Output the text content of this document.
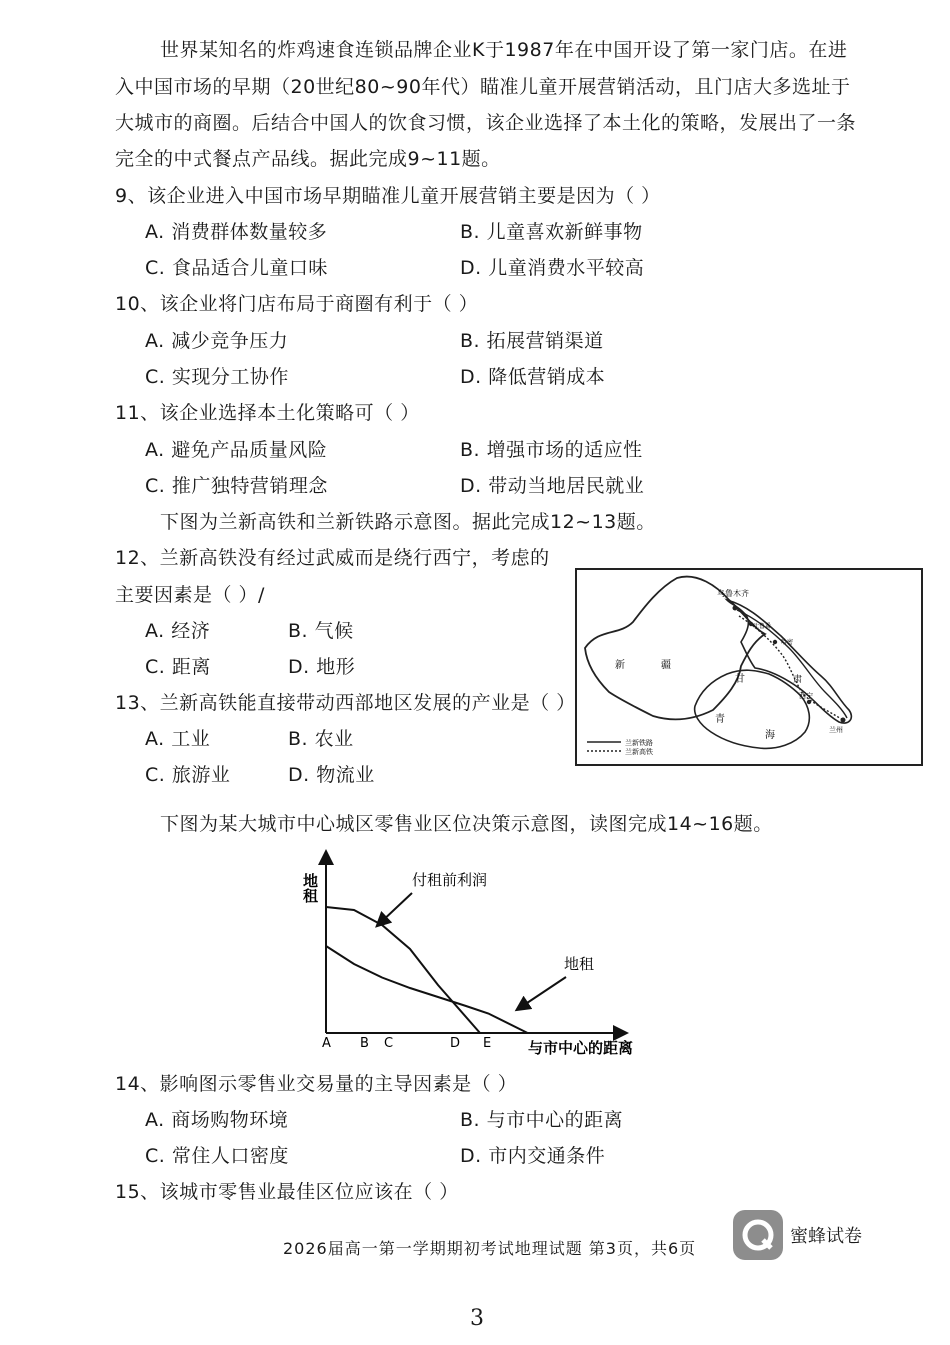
世界某知名的炸鸡速食连锁品牌企业K于1987年在中国开设了第一家门店。在进
入中国市场的早期（20世纪80~90年代）瞄准儿童开展营销活动，且门店大多选址于
大城市的商圈。后结合中国人的饮食习惯，该企业选择了本土化的策略，发展出了一条
完全的中式餐点产品线。据此完成9~11题。
9、该企业进入中国市场早期瞄准儿童开展营销主要是因为（ ）
A. 消费群体数量较多	B. 儿童喜欢新鲜事物
C. 食品适合儿童口味	D. 儿童消费水平较高
10、该企业将门店布局于商圈有利于（ ）
A. 减少竞争压力	B. 拓展营销渠道
C. 实现分工协作	D. 降低营销成本
11、该企业选择本土化策略可（ ）
A. 避免产品质量风险	B. 增强市场的适应性
C. 推广独特营销理念	D. 带动当地居民就业
下图为兰新高铁和兰新铁路示意图。据此完成12~13题。
12、兰新高铁没有经过武威而是绕行西宁，考虑的
主要因素是（ ）/
A. 经济	B. 气候
C. 距离	D. 地形
13、兰新高铁能直接带动西部地区发展的产业是（ ）
A. 工业	B. 农业
C. 旅游业	D. 物流业
乌鲁木齐
吐鲁番
哈密
新	疆
甘	肃
青
海
西宁
兰州
兰新铁路
兰新高铁
下图为某大城市中心城区零售业区位决策示意图，读图完成14~16题。
地租
与市中心的距离
A B C	D E
付租前利润
地租
14、影响图示零售业交易量的主导因素是（ ）
A. 商场购物环境	B. 与市中心的距离
C. 常住人口密度	D. 市内交通条件
15、该城市零售业最佳区位应该在（ ）
2026届高一第一学期期初考试地理试题 第3页，共6页
蜜蜂试卷
3
